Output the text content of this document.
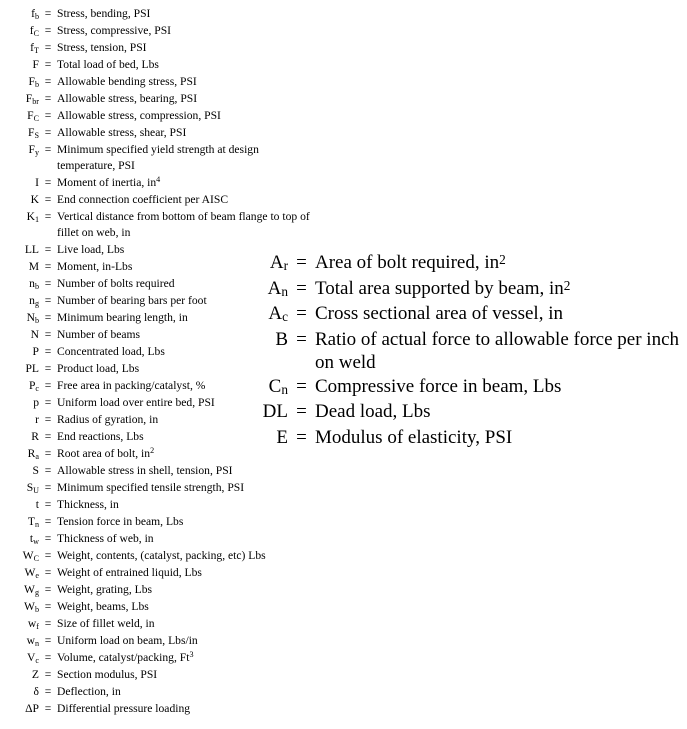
$f_b$ = Stress, bending, PSI
$f_C$ = Stress, compressive, PSI
$f_T$ = Stress, tension, PSI
F = Total load of bed, Lbs
$F_b$ = Allowable bending stress, PSI
$F_{br}$ = Allowable stress, bearing, PSI
$F_C$ = Allowable stress, compression, PSI
$F_S$ = Allowable stress, shear, PSI
$F_y$ = Minimum specified yield strength at design temperature, PSI
I = Moment of inertia, $in^4$
K = End connection coefficient per AISC
$K_1$ = Vertical distance from bottom of beam flange to top of fillet on web, in
LL = Live load, Lbs
M = Moment, in-Lbs
$n_b$ = Number of bolts required
$n_g$ = Number of bearing bars per foot
$N_b$ = Minimum bearing length, in
N = Number of beams
P = Concentrated load, Lbs
PL = Product load, Lbs
$P_c$ = Free area in packing/catalyst, %
p = Uniform load over entire bed, PSI
r = Radius of gyration, in
R = End reactions, Lbs
$R_a$ = Root area of bolt, $in^2$
S = Allowable stress in shell, tension, PSI
$S_U$ = Minimum specified tensile strength, PSI
t = Thickness, in
$T_n$ = Tension force in beam, Lbs
$t_w$ = Thickness of web, in
$W_C$ = Weight, contents, (catalyst, packing, etc) Lbs
$W_e$ = Weight of entrained liquid, Lbs
$W_g$ = Weight, grating, Lbs
$W_b$ = Weight, beams, Lbs
$w_f$ = Size of fillet weld, in
$w_n$ = Uniform load on beam, Lbs/in
$V_c$ = Volume, catalyst/packing, Ft$^3$
Z = Section modulus, PSI
δ = Deflection, in
ΔP = Differential pressure loading
$A_r$ = Area of bolt required, $in^2$
$A_n$ = Total area supported by beam, $in^2$
$A_c$ = Cross sectional area of vessel, in
B = Ratio of actual force to allowable force per inch on weld
$C_n$ = Compressive force in beam, Lbs
DL = Dead load, Lbs
E = Modulus of elasticity, PSI
